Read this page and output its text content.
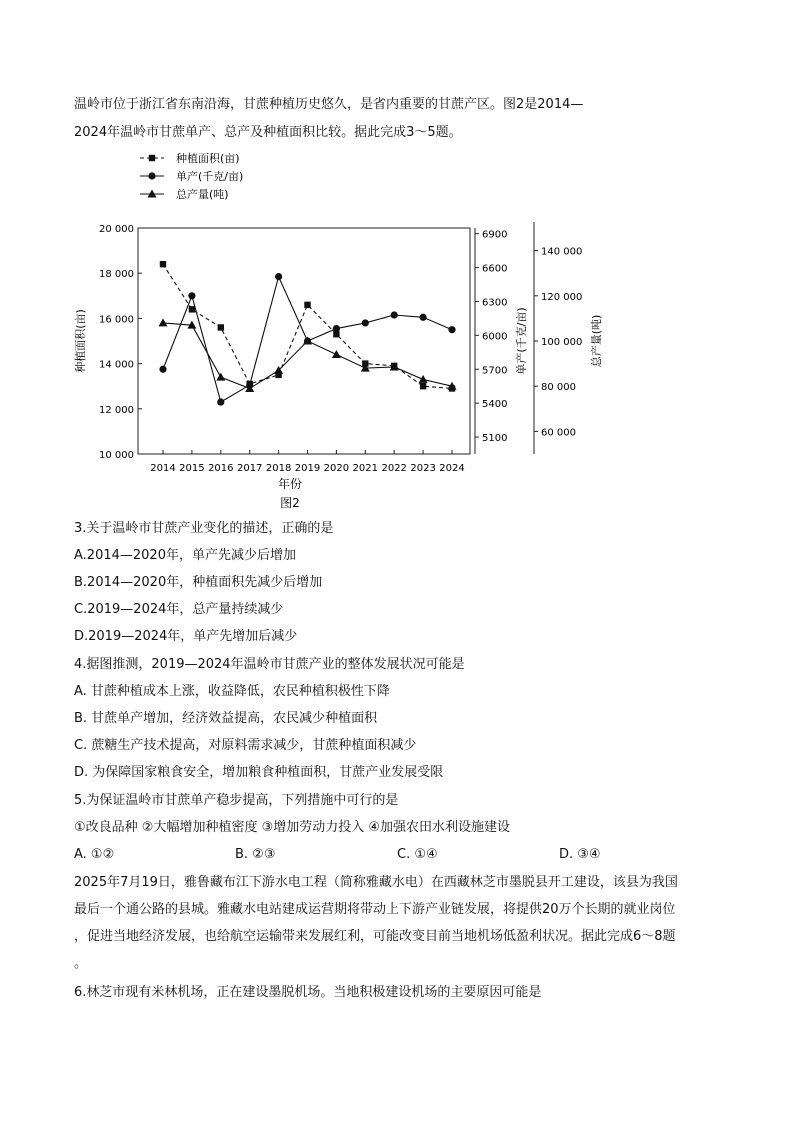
温岭市位于浙江省东南沿海，甘蔗种植历史悠久，是省内重要的甘蔗产区。图2是2014—
2024年温岭市甘蔗单产、总产及种植面积比较。据此完成3～5题。
种植面积(亩)
单产(千克/亩)
总产量(吨)
10 000
12 000
14 000
16 000
18 000
20 000
种植面积(亩)
5100
5400
5700
6000
6300
6600
6900
单产(千克/亩)
60 000
80 000
100 000
120 000
140 000
总产量(吨)
2014 2015 2016 2017 2018 2019 2020 2021 2022 2023 2024
年份
图2
3.关于温岭市甘蔗产业变化的描述，正确的是
A.2014—2020年，单产先减少后增加
B.2014—2020年，种植面积先减少后增加
C.2019—2024年，总产量持续减少
D.2019—2024年，单产先增加后减少
4.据图推测，2019—2024年温岭市甘蔗产业的整体发展状况可能是
A. 甘蔗种植成本上涨，收益降低，农民种植积极性下降
B. 甘蔗单产增加，经济效益提高，农民减少种植面积
C. 蔗糖生产技术提高，对原料需求减少，甘蔗种植面积减少
D. 为保障国家粮食安全，增加粮食种植面积，甘蔗产业发展受限
5.为保证温岭市甘蔗单产稳步提高，下列措施中可行的是
①改良品种 ②大幅增加种植密度 ③增加劳动力投入 ④加强农田水利设施建设
A. ①②	B. ②③	C. ①④	D. ③④
2025年7月19日，雅鲁藏布江下游水电工程（简称雅藏水电）在西藏林芝市墨脱县开工建设，该县为我国
最后一个通公路的县城。雅藏水电站建成运营期将带动上下游产业链发展，将提供20万个长期的就业岗位
，促进当地经济发展，也给航空运输带来发展红利，可能改变目前当地机场低盈利状况。据此完成6～8题
。
6.林芝市现有米林机场，正在建设墨脱机场。当地积极建设机场的主要原因可能是
